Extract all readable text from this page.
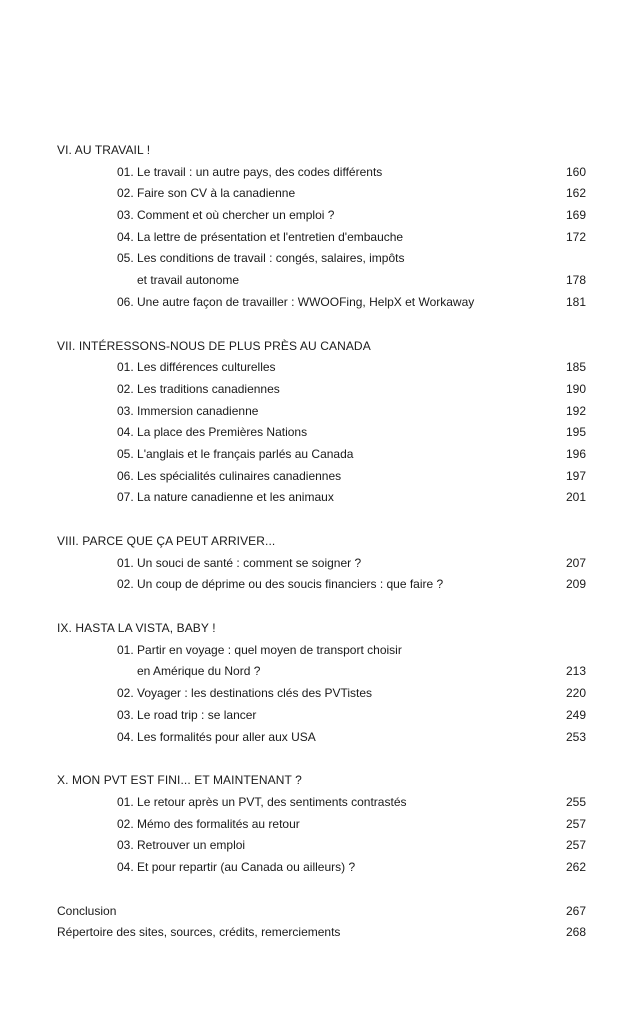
VI. AU TRAVAIL !
01. Le travail : un autre pays, des codes différents	160
02. Faire son CV à la canadienne	162
03. Comment et où chercher un emploi ?	169
04. La lettre de présentation et l'entretien d'embauche	172
05. Les conditions de travail : congés, salaires, impôts
et travail autonome	178
06. Une autre façon de travailler : WWOOFing, HelpX et Workaway	181
VII. INTÉRESSONS-NOUS DE PLUS PRÈS AU CANADA
01. Les différences culturelles	185
02. Les traditions canadiennes	190
03. Immersion canadienne	192
04. La place des Premières Nations	195
05. L'anglais et le français parlés au Canada	196
06. Les spécialités culinaires canadiennes	197
07. La nature canadienne et les animaux	201
VIII. PARCE QUE ÇA PEUT ARRIVER...
01. Un souci de santé : comment se soigner ?	207
02. Un coup de déprime ou des soucis financiers : que faire ?	209
IX. HASTA LA VISTA, BABY !
01. Partir en voyage : quel moyen de transport choisir
en Amérique du Nord ?	213
02. Voyager : les destinations clés des PVTistes	220
03. Le road trip : se lancer	249
04. Les formalités pour aller aux USA	253
X. MON PVT EST FINI... ET MAINTENANT ?
01. Le retour après un PVT, des sentiments contrastés	255
02. Mémo des formalités au retour	257
03. Retrouver un emploi	257
04. Et pour repartir (au Canada ou ailleurs) ?	262
Conclusion	267
Répertoire des sites, sources, crédits, remerciements	268
